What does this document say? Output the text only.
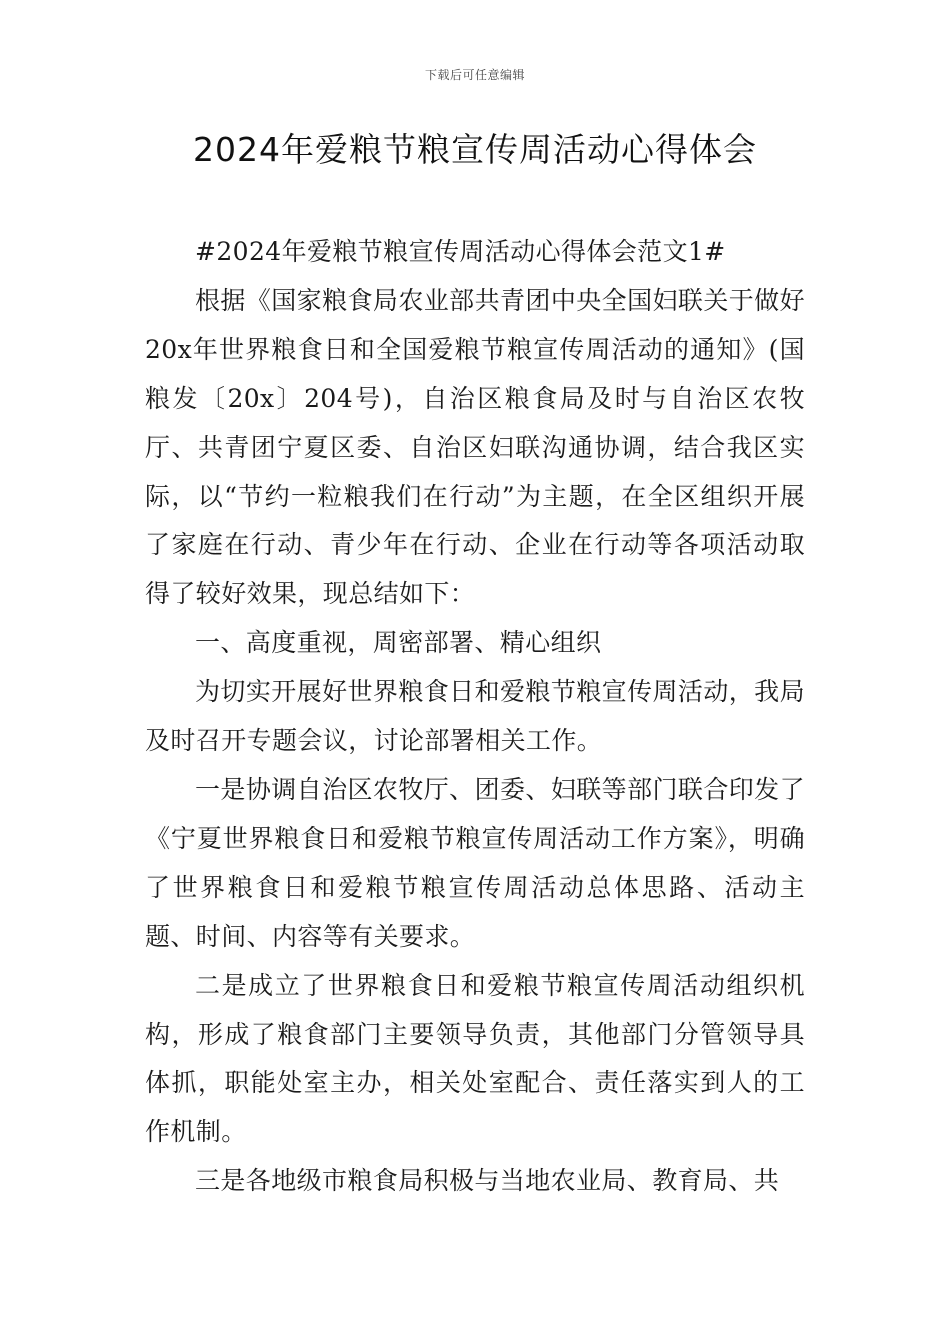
下载后可任意编辑
2024年爱粮节粮宣传周活动心得体会

#2024年爱粮节粮宣传周活动心得体会范文1#

根据《国家粮食局农业部共青团中央全国妇联关于做好20x年世界粮食日和全国爱粮节粮宣传周活动的通知》(国粮发〔20x〕204号)，自治区粮食局及时与自治区农牧厅、共青团宁夏区委、自治区妇联沟通协调，结合我区实际，以“节约一粒粮我们在行动”为主题，在全区组织开展了家庭在行动、青少年在行动、企业在行动等各项活动取得了较好效果，现总结如下：

一、高度重视，周密部署、精心组织

为切实开展好世界粮食日和爱粮节粮宣传周活动，我局及时召开专题会议，讨论部署相关工作。

一是协调自治区农牧厅、团委、妇联等部门联合印发了《宁夏世界粮食日和爱粮节粮宣传周活动工作方案》，明确了世界粮食日和爱粮节粮宣传周活动总体思路、活动主题、时间、内容等有关要求。

二是成立了世界粮食日和爱粮节粮宣传周活动组织机构，形成了粮食部门主要领导负责，其他部门分管领导具体抓，职能处室主办，相关处室配合、责任落实到人的工作机制。

三是各地级市粮食局积极与当地农业局、教育局、共
